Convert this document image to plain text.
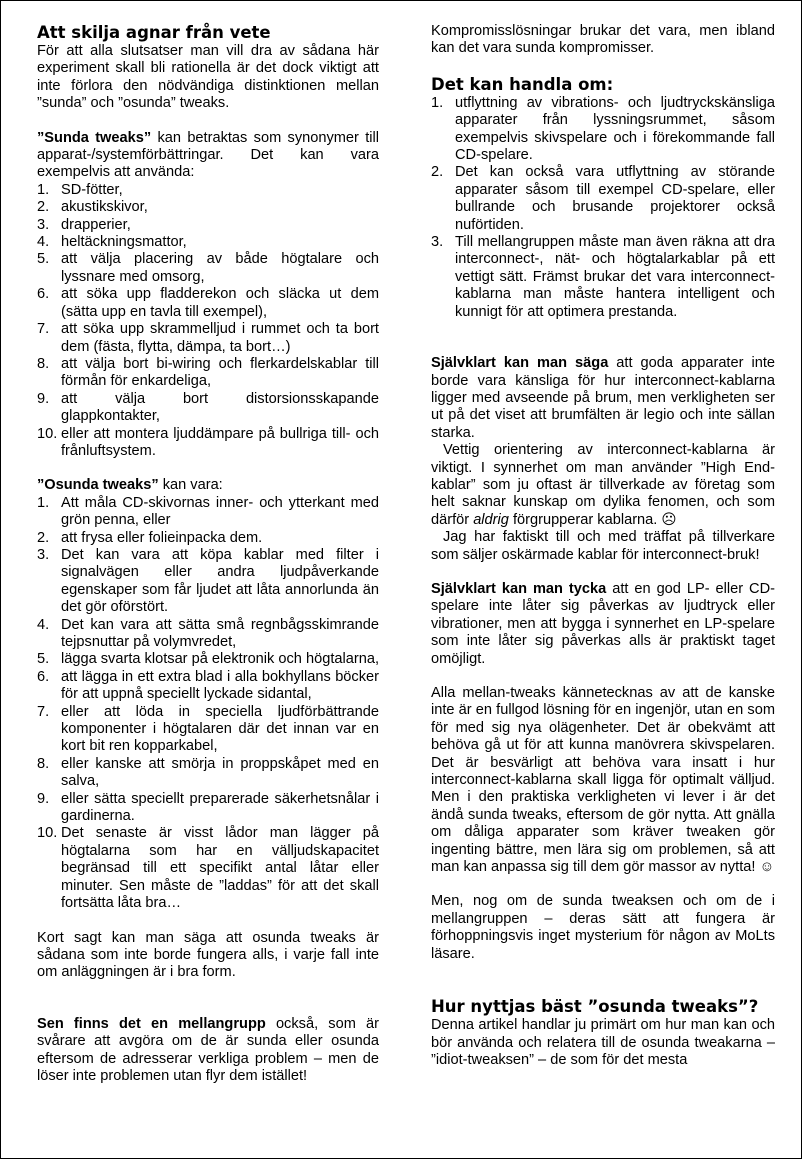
Att skilja agnar från vete

För att alla slutsatser man vill dra av sådana här experiment skall bli rationella är det dock viktigt att inte förlora den nödvändiga distinktionen mellan ”sunda” och ”osunda” tweaks.

”Sunda tweaks” kan betraktas som synonymer till apparat-/systemförbättringar. Det kan vara exempelvis att använda:

1. SD-fötter,
2. akustikskivor,
3. drapperier,
4. heltäckningsmattor,
5. att välja placering av både högtalare och lyssnare med omsorg,
6. att söka upp fladderekon och släcka ut dem (sätta upp en tavla till exempel),
7. att söka upp skrammelljud i rummet och ta bort dem (fästa, flytta, dämpa, ta bort…)
8. att välja bort bi-wiring och flerkardelskablar till förmån för enkardeliga,
9. att välja bort distorsionsskapande glappkontakter,
10. eller att montera ljuddämpare på bullriga till- och frånluftsystem.

”Osunda tweaks” kan vara:

1. Att måla CD-skivornas inner- och ytterkant med grön penna, eller
2. att frysa eller folieinpacka dem.
3. Det kan vara att köpa kablar med filter i signalvägen eller andra ljudpåverkande egenskaper som får ljudet att låta annorlunda än det gör oförstört.
4. Det kan vara att sätta små regnbågsskimrande tejpsnuttar på volymvredet,
5. lägga svarta klotsar på elektronik och högtalarna,
6. att lägga in ett extra blad i alla bokhyllans böcker för att uppnå speciellt lyckade sidantal,
7. eller att löda in speciella ljudförbättrande komponenter i högtalaren där det innan var en kort bit ren kopparkabel,
8. eller kanske att smörja in proppskåpet med en salva,
9. eller sätta speciellt preparerade säkerhetsnålar i gardinerna.
10. Det senaste är visst lådor man lägger på högtalarna som har en välljudskapacitet begränsad till ett specifikt antal låtar eller minuter. Sen måste de ”laddas” för att det skall fortsätta låta bra…

Kort sagt kan man säga att osunda tweaks är sådana som inte borde fungera alls, i varje fall inte om anläggningen är i bra form.

Sen finns det en mellangrupp också, som är svårare att avgöra om de är sunda eller osunda eftersom de adresserar verkliga problem – men de löser inte problemen utan flyr dem istället!

Kompromisslösningar brukar det vara, men ibland kan det vara sunda kompromisser.

Det kan handla om:
1. utflyttning av vibrations- och ljudtryckskänsliga apparater från lyssningsrummet, såsom exempelvis skivspelare och i förekommande fall CD-spelare.
2. Det kan också vara utflyttning av störande apparater såsom till exempel CD-spelare, eller bullrande och brusande projektorer också nuförtiden.
3. Till mellangruppen måste man även räkna att dra interconnect-, nät- och högtalarkablar på ett vettigt sätt. Främst brukar det vara interconnect-kablarna man måste hantera intelligent och kunnigt för att optimera prestanda.

Självklart kan man säga att goda apparater inte borde vara känsliga för hur interconnect-kablarna ligger med avseende på brum, men verkligheten ser ut på det viset att brumfälten är legio och inte sällan starka.

Vettig orientering av interconnect-kablarna är viktigt. I synnerhet om man använder ”High End-kablar” som ju oftast är tillverkade av företag som helt saknar kunskap om dylika fenomen, och som därför aldrig förgrupperar kablarna. ☹

Jag har faktiskt till och med träffat på tillverkare som säljer oskärmade kablar för interconnect-bruk!

Självklart kan man tycka att en god LP- eller CD-spelare inte låter sig påverkas av ljudtryck eller vibrationer, men att bygga i synnerhet en LP-spelare som inte låter sig påverkas alls är praktiskt taget omöjligt.

Alla mellan-tweaks kännetecknas av att de kanske inte är en fullgod lösning för en ingenjör, utan en som för med sig nya olägenheter. Det är obekvämt att behöva gå ut för att kunna manövrera skivspelaren. Det är besvärligt att behöva vara insatt i hur interconnect-kablarna skall ligga för optimalt välljud. Men i den praktiska verkligheten vi lever i är det ändå sunda tweaks, eftersom de gör nytta. Att gnälla om dåliga apparater som kräver tweaken gör ingenting bättre, men lära sig om problemen, så att man kan anpassa sig till dem gör massor av nytta! ☺

Men, nog om de sunda tweaksen och om de i mellangruppen – deras sätt att fungera är förhoppningsvis inget mysterium för någon av MoLts läsare.

Hur nyttjas bäst ”osunda tweaks”?

Denna artikel handlar ju primärt om hur man kan och bör använda och relatera till de osunda tweakarna – ”idiot-tweaksen” – de som för det mesta
